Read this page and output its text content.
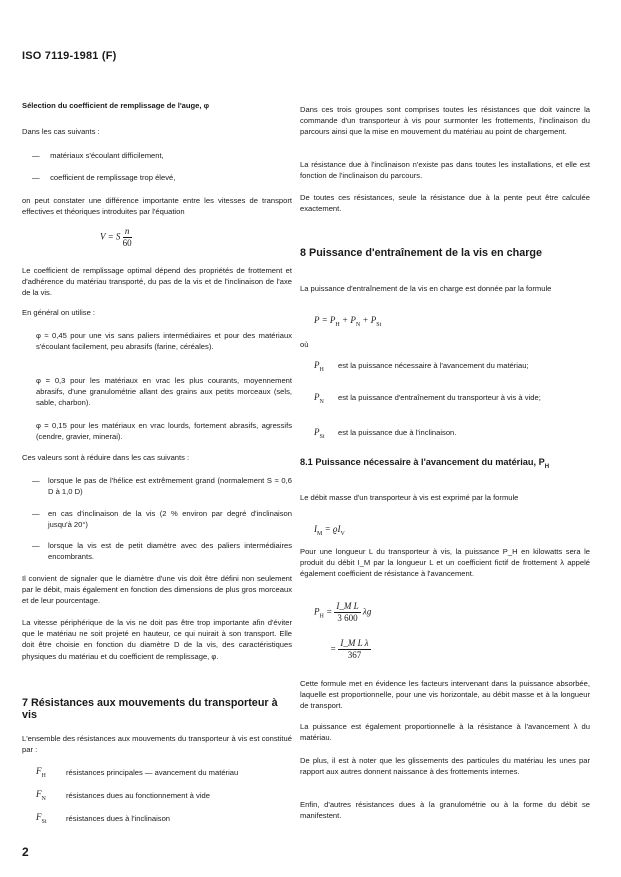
ISO 7119-1981 (F)

Sélection du coefficient de remplissage de l'auge, φ

Dans les cas suivants :

— matériaux s'écoulant difficilement,
— coefficient de remplissage trop élevé,

on peut constater une différence importante entre les vitesses de transport effectives et théoriques introduites par l'équation

V = S $\frac{n}{60}$

Le coefficient de remplissage optimal dépend des propriétés de frottement et d'adhérence du matériau transporté, du pas de la vis et de l'inclinaison de l'axe de la vis.

En général on utilise :

φ ≈ 0,45 pour une vis sans paliers intermédiaires et pour des matériaux s'écoulant facilement, peu abrasifs (farine, céréales).

φ = 0,3 pour les matériaux en vrac les plus courants, moyennement abrasifs, d'une granulométrie allant des grains aux petits morceaux (sels, sable, charbon).

φ = 0,15 pour les matériaux en vrac lourds, fortement abrasifs, agressifs (cendre, gravier, minerai).

Ces valeurs sont à réduire dans les cas suivants :

— lorsque le pas de l'hélice est extrêmement grand (normalement S ≈ 0,6 D à 1,0 D)

— en cas d'inclinaison de la vis (2 % environ par degré d'inclinaison jusqu'à 20°)

— lorsque la vis est de petit diamètre avec des paliers intermédiaires encombrants.

Il convient de signaler que le diamètre d'une vis doit être défini non seulement par le débit, mais également en fonction des dimensions de plus gros morceaux et de leur pourcentage.

La vitesse périphérique de la vis ne doit pas être trop importante afin d'éviter que le matériau ne soit projeté en hauteur, ce qui nuirait à son transport. Elle doit être choisie en fonction du diamètre D de la vis, des caractéristiques physiques du matériau et du coefficient de remplissage, φ.

7 Résistances aux mouvements du transporteur à vis

L'ensemble des résistances aux mouvements du transporteur à vis est constitué par :

$F_H$	résistances principales — avancement du matériau
$F_N$	résistances dues au fonctionnement à vide
$F_{St}$	résistances dues à l'inclinaison

Dans ces trois groupes sont comprises toutes les résistances que doit vaincre la commande d'un transporteur à vis pour surmonter les frottements, l'inclinaison du parcours ainsi que la mise en mouvement du matériau au point de chargement.

La résistance due à l'inclinaison n'existe pas dans toutes les installations, et elle est fonction de l'inclinaison du parcours.

De toutes ces résistances, seule la résistance due à la pente peut être calculée exactement.

8 Puissance d'entraînement de la vis en charge

La puissance d'entraînement de la vis en charge est donnée par la formule

$P = P_H + P_N + P_{St}$

où

$P_H$ est la puissance nécessaire à l'avancement du matériau;

$P_N$ est la puissance d'entraînement du transporteur à vis à vide;

$P_{St}$ est la puissance due à l'inclinaison.

8.1 Puissance nécessaire à l'avancement du matériau, $P_H$

Le débit masse d'un transporteur à vis est exprimé par la formule

$I_M = ϱI_V$

Pour une longueur L du transporteur à vis, la puissance P_H en kilowatts sera le produit du débit I_M par la longueur L et un coefficient fictif de frottement λ appelé également coefficient de résistance à l'avancement.

$P_H = \frac{\text{I\_M L}}{3 600}$ λg
= $\frac{\text{I\_M L λ}}{367}$

Cette formule met en évidence les facteurs intervenant dans la puissance absorbée, laquelle est proportionnelle, pour une vis horizontale, au débit masse et à la longueur de transport.

La puissance est également proportionnelle à la résistance à l'avancement λ du matériau.

De plus, il est à noter que les glissements des particules du matériau les unes par rapport aux autres donnent naissance à des frottements internes.

Enfin, d'autres résistances dues à la granulométrie ou à la forme du débit se manifestent.

2
